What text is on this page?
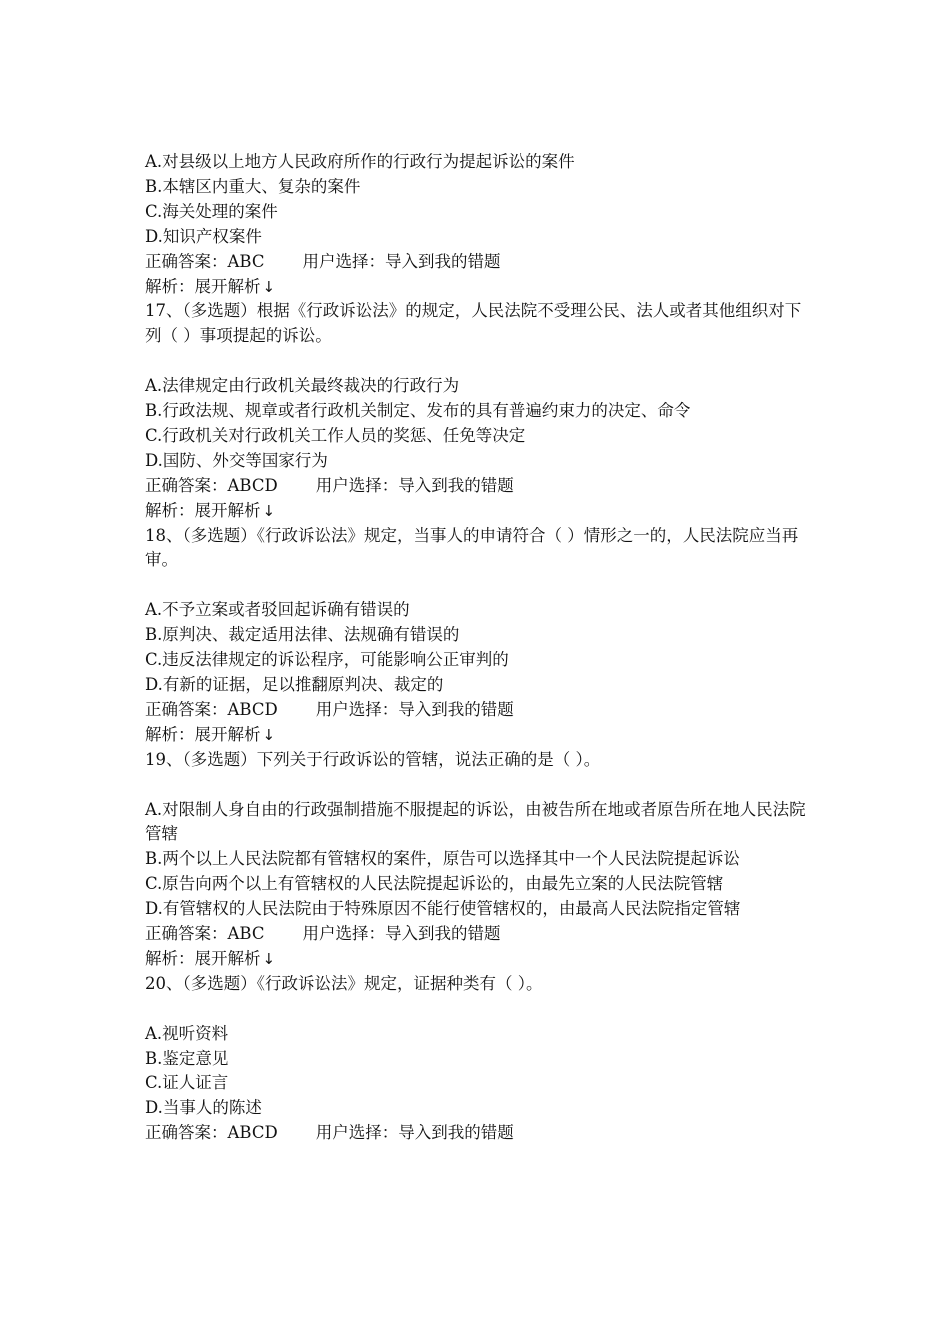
A.对县级以上地方人民政府所作的行政行为提起诉讼的案件
B.本辖区内重大、复杂的案件
C.海关处理的案件
D.知识产权案件
正确答案：ABC 用户选择：导入到我的错题
解析：展开解析 ↓
17、（多选题）根据《行政诉讼法》的规定，人民法院不受理公民、法人或者其他组织对下列（ ）事项提起的诉讼。
A.法律规定由行政机关最终裁决的行政行为
B.行政法规、规章或者行政机关制定、发布的具有普遍约束力的决定、命令
C.行政机关对行政机关工作人员的奖惩、任免等决定
D.国防、外交等国家行为
正确答案：ABCD 用户选择：导入到我的错题
解析：展开解析 ↓
18、（多选题）《行政诉讼法》规定，当事人的申请符合（ ）情形之一的，人民法院应当再审。
A.不予立案或者驳回起诉确有错误的
B.原判决、裁定适用法律、法规确有错误的
C.违反法律规定的诉讼程序，可能影响公正审判的
D.有新的证据，足以推翻原判决、裁定的
正确答案：ABCD 用户选择：导入到我的错题
解析：展开解析 ↓
19、（多选题）下列关于行政诉讼的管辖，说法正确的是（ ）。
A.对限制人身自由的行政强制措施不服提起的诉讼，由被告所在地或者原告所在地人民法院管辖
B.两个以上人民法院都有管辖权的案件，原告可以选择其中一个人民法院提起诉讼
C.原告向两个以上有管辖权的人民法院提起诉讼的，由最先立案的人民法院管辖
D.有管辖权的人民法院由于特殊原因不能行使管辖权的，由最高人民法院指定管辖
正确答案：ABC 用户选择：导入到我的错题
解析：展开解析 ↓
20、（多选题）《行政诉讼法》规定，证据种类有（ ）。
A.视听资料
B.鉴定意见
C.证人证言
D.当事人的陈述
正确答案：ABCD 用户选择：导入到我的错题
